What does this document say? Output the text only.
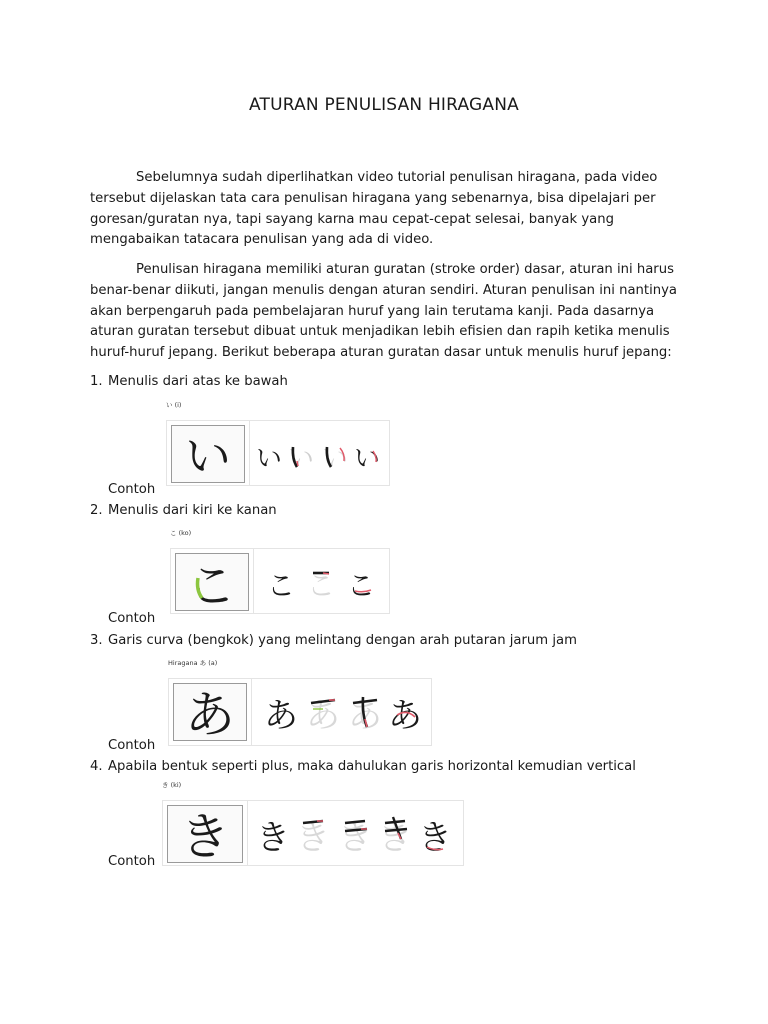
ATURAN PENULISAN HIRAGANA

Sebelumnya sudah diperlihatkan video tutorial penulisan hiragana, pada video tersebut dijelaskan tata cara penulisan hiragana yang sebenarnya, bisa dipelajari per goresan/guratan nya, tapi sayang karna mau cepat-cepat selesai, banyak yang mengabaikan tatacara penulisan yang ada di video.

Penulisan hiragana memiliki aturan guratan (stroke order) dasar, aturan ini harus benar-benar diikuti, jangan menulis dengan aturan sendiri. Aturan penulisan ini nantinya akan berpengaruh pada pembelajaran huruf yang lain terutama kanji. Pada dasarnya aturan guratan tersebut dibuat untuk menjadikan lebih efisien dan rapih ketika menulis huruf-huruf jepang. Berikut beberapa aturan guratan dasar untuk menulis huruf jepang:

1. Menulis dari atas ke bawah
い (i)
い い い い い
Contoh
2. Menulis dari kiri ke kanan
こ (ko)
こ こ こ こ
Contoh
3. Garis curva (bengkok) yang melintang dengan arah putaran jarum jam
Hiragana あ (a)
あ あ あ あ あ
Contoh
4. Apabila bentuk seperti plus, maka dahulukan garis horizontal kemudian vertical
き (ki)
き き き き き き
Contoh
